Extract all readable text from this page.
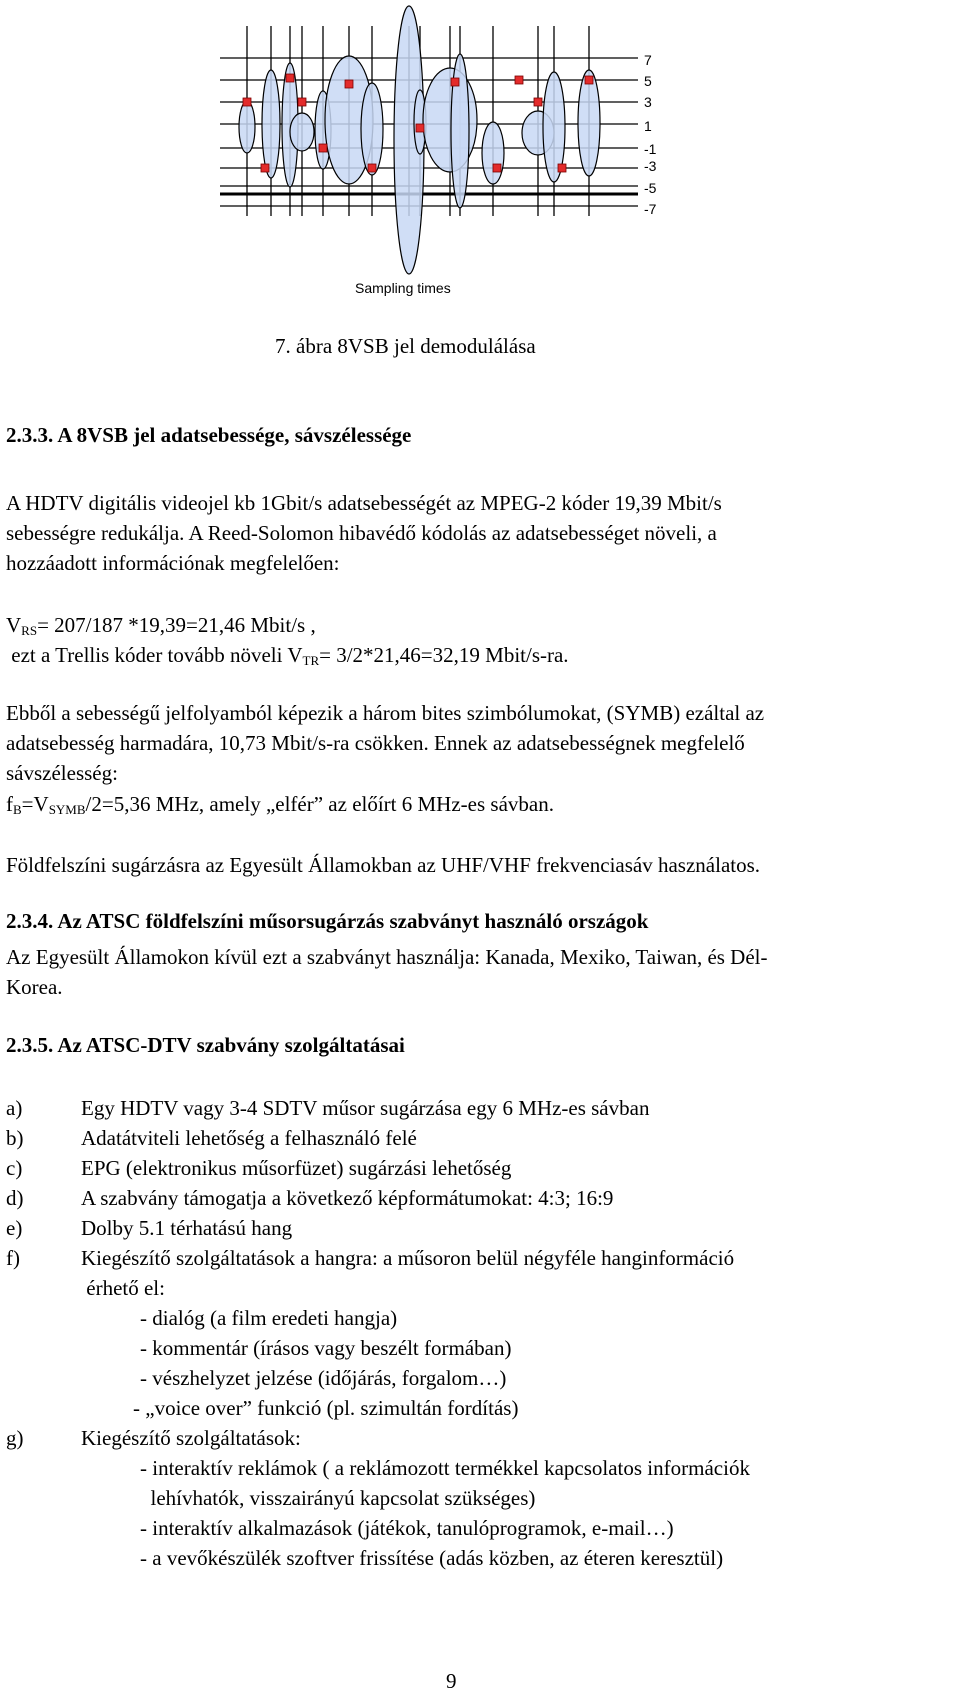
7
5
3
1
-1
-3
-5
-7
Sampling times
7. ábra 8VSB jel demodulálása
2.3.3. A 8VSB jel adatsebessége, sávszélessége
A HDTV digitális videojel kb 1Gbit/s adatsebességét az MPEG-2 kóder 19,39 Mbit/s
sebességre redukálja. A Reed-Solomon hibavédő kódolás az adatsebességet növeli, a
hozzáadott információnak megfelelően:
$V_{RS}= 207/187$ *19,39=21,46 Mbit/s ,
ezt a Trellis kóder tovább növeli $V_{TR}= 3/2*21,46=32,19$ Mbit/s-ra.
Ebből a sebességű jelfolyamból képezik a három bites szimbólumokat, (SYMB) ezáltal az
adatsebesség harmadára, 10,73 Mbit/s-ra csökken. Ennek az adatsebességnek megfelelő
sávszélesség:
$f_B=V_{SYMB}/2=5,36$ MHz, amely „elfér” az előírt 6 MHz-es sávban.
Földfelszíni sugárzásra az Egyesült Államokban az UHF/VHF frekvenciasáv használatos.
2.3.4. Az ATSC földfelszíni műsorsugárzás szabványt használó országok
Az Egyesült Államokon kívül ezt a szabványt használja: Kanada, Mexiko, Taiwan, és Dél-
Korea.
2.3.5. Az ATSC-DTV szabvány szolgáltatásai
a)	Egy HDTV vagy 3-4 SDTV műsor sugárzása egy 6 MHz-es sávban
b)	Adatátviteli lehetőség a felhasználó felé
c)	EPG (elektronikus műsorfüzet) sugárzási lehetőség
d)	A szabvány támogatja a következő képformátumokat: 4:3; 16:9
e)	Dolby 5.1 térhatású hang
f)	Kiegészítő szolgáltatások a hangra: a műsoron belül négyféle hanginformáció
érhető el:
- dialóg (a film eredeti hangja)
- kommentár (írásos vagy beszélt formában)
- vészhelyzet jelzése (időjárás, forgalom…)
- „voice over” funkció (pl. szimultán fordítás)
g)	Kiegészítő szolgáltatások:
- interaktív reklámok ( a reklámozott termékkel kapcsolatos információk
lehívhatók, visszairányú kapcsolat szükséges)
- interaktív alkalmazások (játékok, tanulóprogramok, e-mail…)
- a vevőkészülék szoftver frissítése (adás közben, az éteren keresztül)
9
